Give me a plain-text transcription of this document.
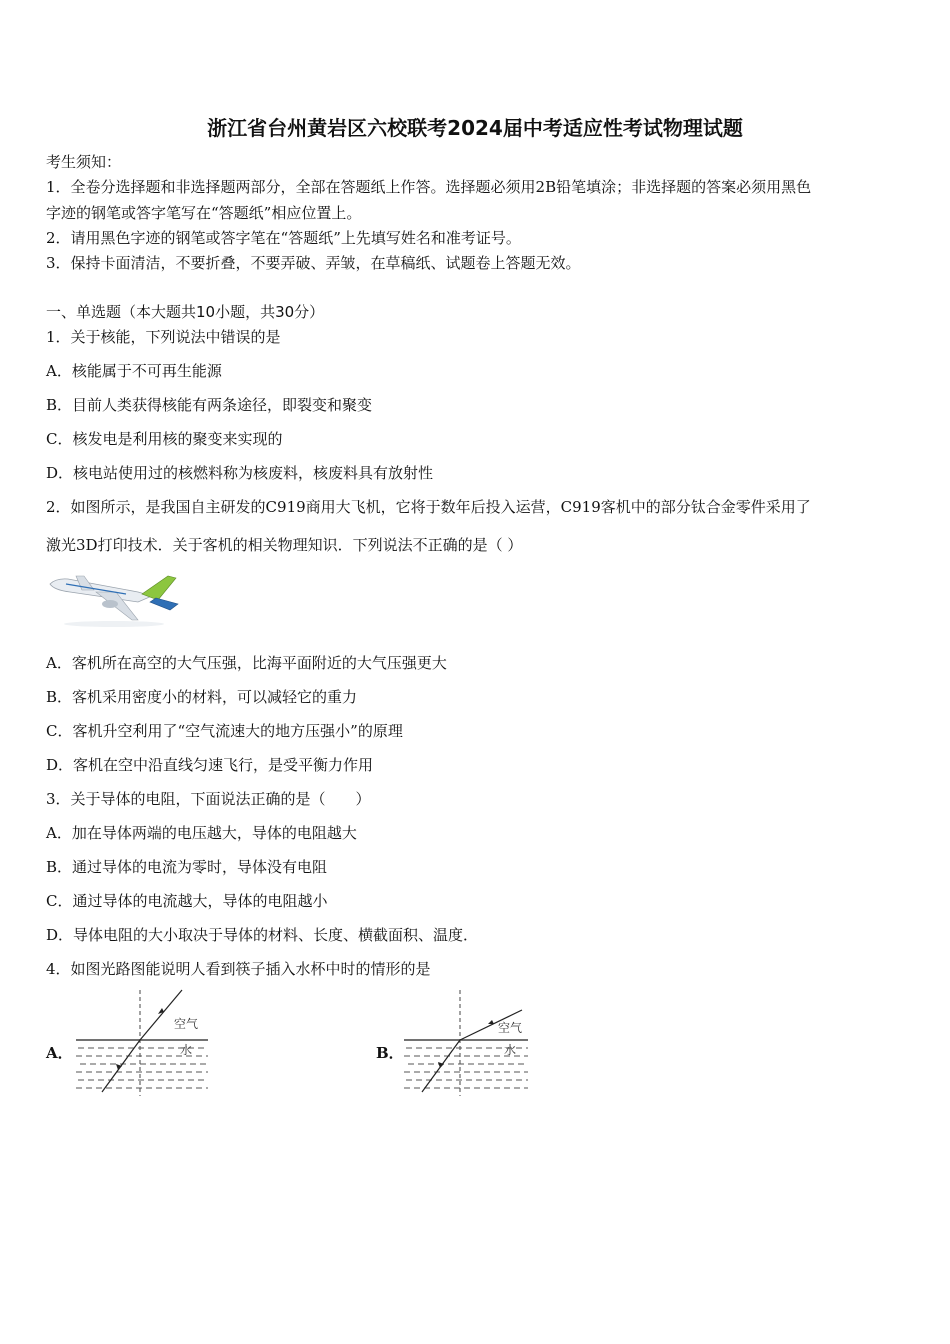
浙江省台州黄岩区六校联考2024届中考适应性考试物理试题
考生须知：
1．全卷分选择题和非选择题两部分，全部在答题纸上作答。选择题必须用2B铅笔填涂；非选择题的答案必须用黑色
字迹的钢笔或答字笔写在“答题纸”相应位置上。
2．请用黑色字迹的钢笔或答字笔在“答题纸”上先填写姓名和准考证号。
3．保持卡面清洁，不要折叠，不要弄破、弄皱，在草稿纸、试题卷上答题无效。
一、单选题（本大题共10小题，共30分）
1．关于核能，下列说法中错误的是
A．核能属于不可再生能源
B．目前人类获得核能有两条途径，即裂变和聚变
C．核发电是利用核的聚变来实现的
D．核电站使用过的核燃料称为核废料，核废料具有放射性
2．如图所示，是我国自主研发的C919商用大飞机，它将于数年后投入运营，C919客机中的部分钛合金零件采用了
激光3D打印技术．关于客机的相关物理知识．下列说法不正确的是（ ）
A．客机所在高空的大气压强，比海平面附近的大气压强更大
B．客机采用密度小的材料，可以减轻它的重力
C．客机升空利用了“空气流速大的地方压强小”的原理
D．客机在空中沿直线匀速飞行，是受平衡力作用
3．关于导体的电阻，下面说法正确的是（　　）
A．加在导体两端的电压越大，导体的电阻越大
B．通过导体的电流为零时，导体没有电阻
C．通过导体的电流越大，导体的电阻越小
D．导体电阻的大小取决于导体的材料、长度、横截面积、温度．
4．如图光路图能说明人看到筷子插入水杯中时的情形的是
A．
空气
水	B．
空气
水
